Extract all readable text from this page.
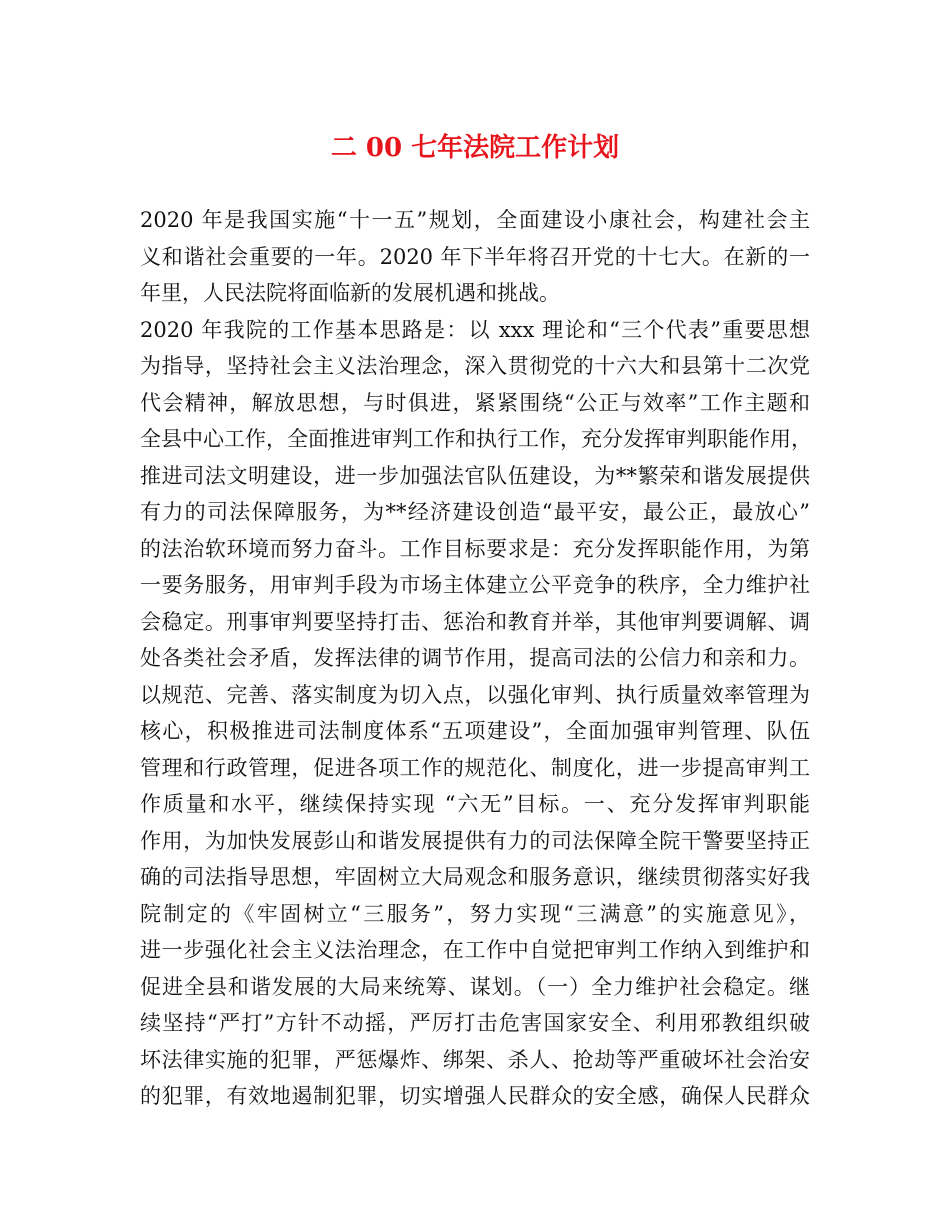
二 00 七年法院工作计划
2020 年是我国实施“十一五”规划，全面建设小康社会，构建社会主
义和谐社会重要的一年。2020 年下半年将召开党的十七大。在新的一
年里，人民法院将面临新的发展机遇和挑战。
2020 年我院的工作基本思路是：以 xxx 理论和“三个代表”重要思想
为指导，坚持社会主义法治理念，深入贯彻党的十六大和县第十二次党
代会精神，解放思想，与时俱进，紧紧围绕“公正与效率”工作主题和
全县中心工作，全面推进审判工作和执行工作，充分发挥审判职能作用，
推进司法文明建设，进一步加强法官队伍建设，为**繁荣和谐发展提供
有力的司法保障服务，为**经济建设创造“最平安，最公正，最放心”
的法治软环境而努力奋斗。工作目标要求是：充分发挥职能作用，为第
一要务服务，用审判手段为市场主体建立公平竞争的秩序，全力维护社
会稳定。刑事审判要坚持打击、惩治和教育并举，其他审判要调解、调
处各类社会矛盾，发挥法律的调节作用，提高司法的公信力和亲和力。
以规范、完善、落实制度为切入点，以强化审判、执行质量效率管理为
核心，积极推进司法制度体系“五项建设”，全面加强审判管理、队伍
管理和行政管理，促进各项工作的规范化、制度化，进一步提高审判工
作质量和水平，继续保持实现 “六无”目标。一、充分发挥审判职能
作用，为加快发展彭山和谐发展提供有力的司法保障全院干警要坚持正
确的司法指导思想，牢固树立大局观念和服务意识，继续贯彻落实好我
院制定的《牢固树立“三服务”，努力实现“三满意”的实施意见》，
进一步强化社会主义法治理念，在工作中自觉把审判工作纳入到维护和
促进全县和谐发展的大局来统筹、谋划。（一）全力维护社会稳定。继
续坚持“严打”方针不动摇，严厉打击危害国家安全、利用邪教组织破
坏法律实施的犯罪，严惩爆炸、绑架、杀人、抢劫等严重破坏社会治安
的犯罪，有效地遏制犯罪，切实增强人民群众的安全感，确保人民群众
